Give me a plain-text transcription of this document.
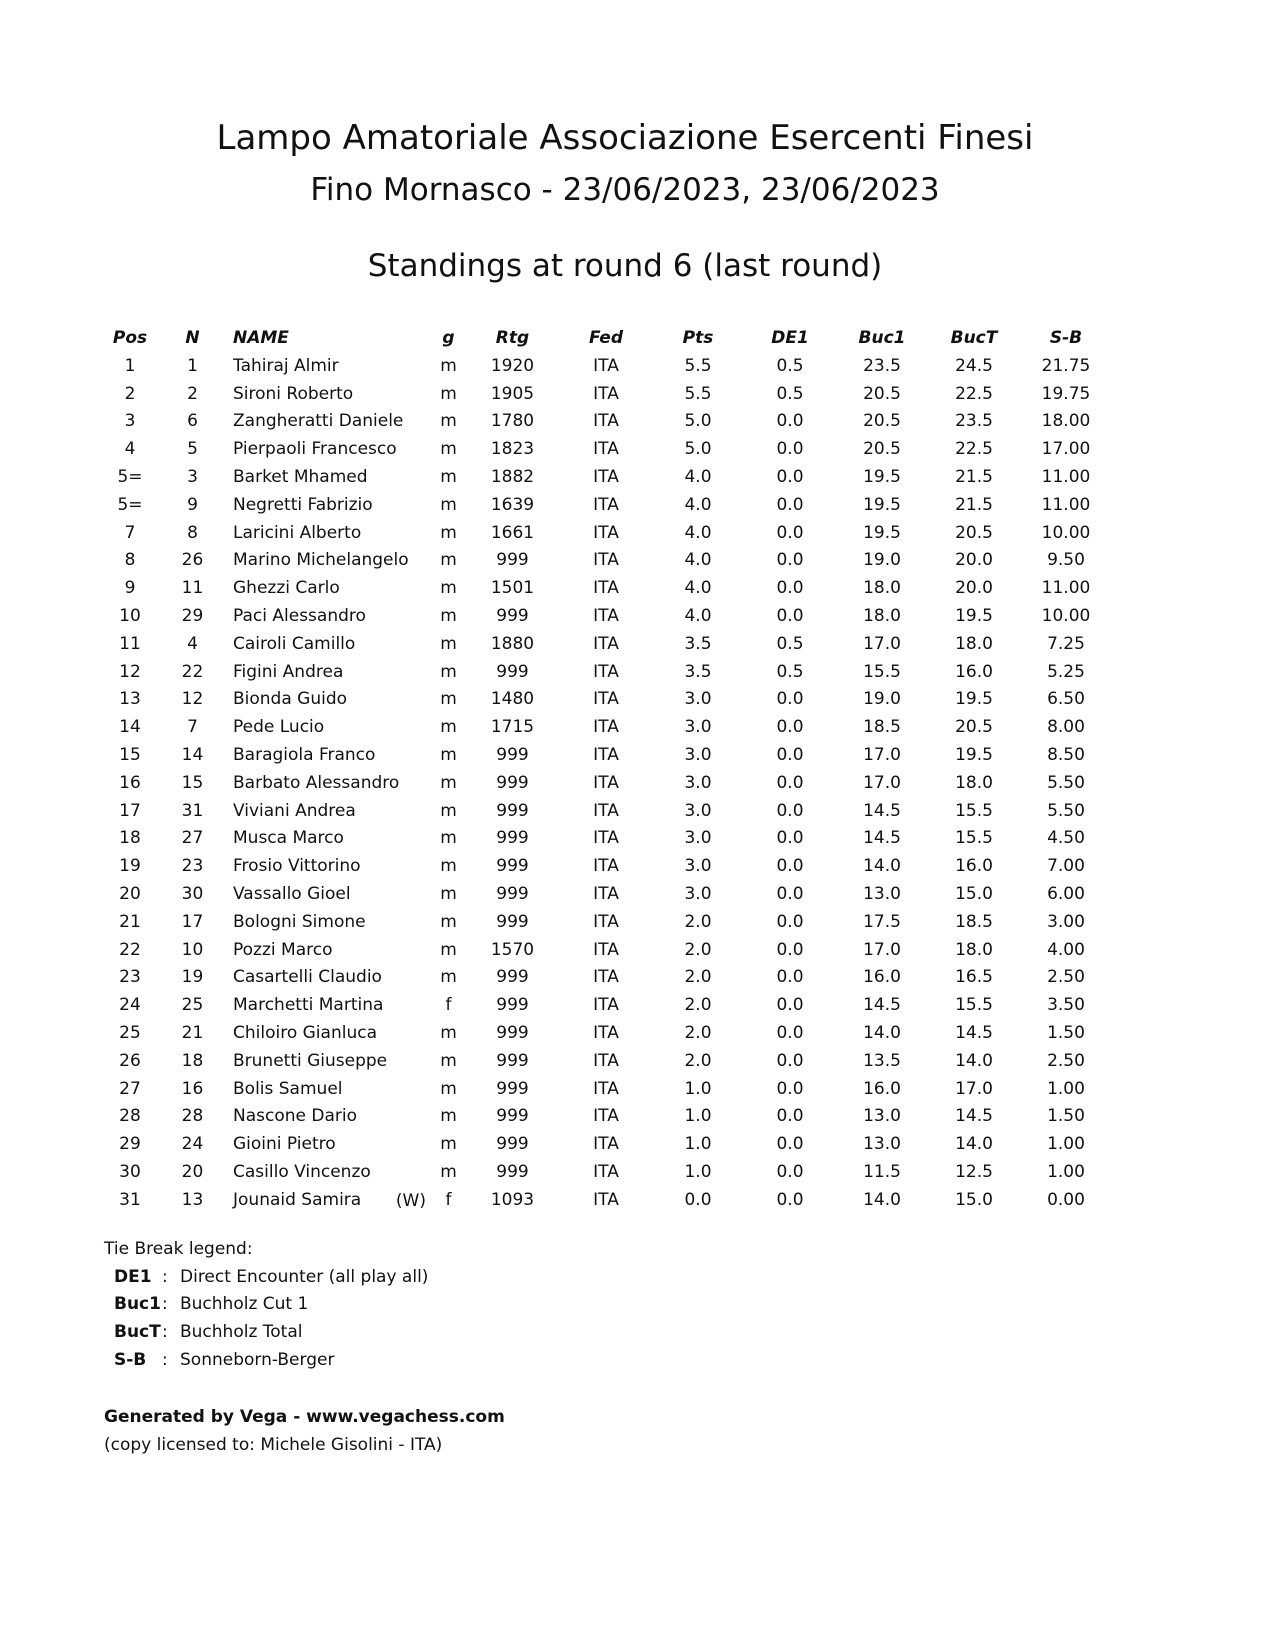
Lampo Amatoriale Associazione Esercenti Finesi
Fino Mornasco - 23/06/2023, 23/06/2023
Standings at round 6 (last round)
Pos	N	NAME	g	Rtg	Fed	Pts	DE1	Buc1	BucT	S-B
1	1	Tahiraj Almir	m	1920	ITA	5.5	0.5	23.5	24.5	21.75
2	2	Sironi Roberto	m	1905	ITA	5.5	0.5	20.5	22.5	19.75
3	6	Zangheratti Daniele	m	1780	ITA	5.0	0.0	20.5	23.5	18.00
4	5	Pierpaoli Francesco	m	1823	ITA	5.0	0.0	20.5	22.5	17.00
5=	3	Barket Mhamed	m	1882	ITA	4.0	0.0	19.5	21.5	11.00
5=	9	Negretti Fabrizio	m	1639	ITA	4.0	0.0	19.5	21.5	11.00
7	8	Laricini Alberto	m	1661	ITA	4.0	0.0	19.5	20.5	10.00
8	26	Marino Michelangelo	m	999	ITA	4.0	0.0	19.0	20.0	9.50
9	11	Ghezzi Carlo	m	1501	ITA	4.0	0.0	18.0	20.0	11.00
10	29	Paci Alessandro	m	999	ITA	4.0	0.0	18.0	19.5	10.00
11	4	Cairoli Camillo	m	1880	ITA	3.5	0.5	17.0	18.0	7.25
12	22	Figini Andrea	m	999	ITA	3.5	0.5	15.5	16.0	5.25
13	12	Bionda Guido	m	1480	ITA	3.0	0.0	19.0	19.5	6.50
14	7	Pede Lucio	m	1715	ITA	3.0	0.0	18.5	20.5	8.00
15	14	Baragiola Franco	m	999	ITA	3.0	0.0	17.0	19.5	8.50
16	15	Barbato Alessandro	m	999	ITA	3.0	0.0	17.0	18.0	5.50
17	31	Viviani Andrea	m	999	ITA	3.0	0.0	14.5	15.5	5.50
18	27	Musca Marco	m	999	ITA	3.0	0.0	14.5	15.5	4.50
19	23	Frosio Vittorino	m	999	ITA	3.0	0.0	14.0	16.0	7.00
20	30	Vassallo Gioel	m	999	ITA	3.0	0.0	13.0	15.0	6.00
21	17	Bologni Simone	m	999	ITA	2.0	0.0	17.5	18.5	3.00
22	10	Pozzi Marco	m	1570	ITA	2.0	0.0	17.0	18.0	4.00
23	19	Casartelli Claudio	m	999	ITA	2.0	0.0	16.0	16.5	2.50
24	25	Marchetti Martina	f	999	ITA	2.0	0.0	14.5	15.5	3.50
25	21	Chiloiro Gianluca	m	999	ITA	2.0	0.0	14.0	14.5	1.50
26	18	Brunetti Giuseppe	m	999	ITA	2.0	0.0	13.5	14.0	2.50
27	16	Bolis Samuel	m	999	ITA	1.0	0.0	16.0	17.0	1.00
28	28	Nascone Dario	m	999	ITA	1.0	0.0	13.0	14.5	1.50
29	24	Gioini Pietro	m	999	ITA	1.0	0.0	13.0	14.0	1.00
30	20	Casillo Vincenzo	m	999	ITA	1.0	0.0	11.5	12.5	1.00
31	13	Jounaid Samira (W)	f	1093	ITA	0.0	0.0	14.0	15.0	0.00
Tie Break legend:
DE1 : Direct Encounter (all play all)
Buc1: Buchholz Cut 1
BucT: Buchholz Total
S-B : Sonneborn-Berger
Generated by Vega - www.vegachess.com
(copy licensed to: Michele Gisolini - ITA)
